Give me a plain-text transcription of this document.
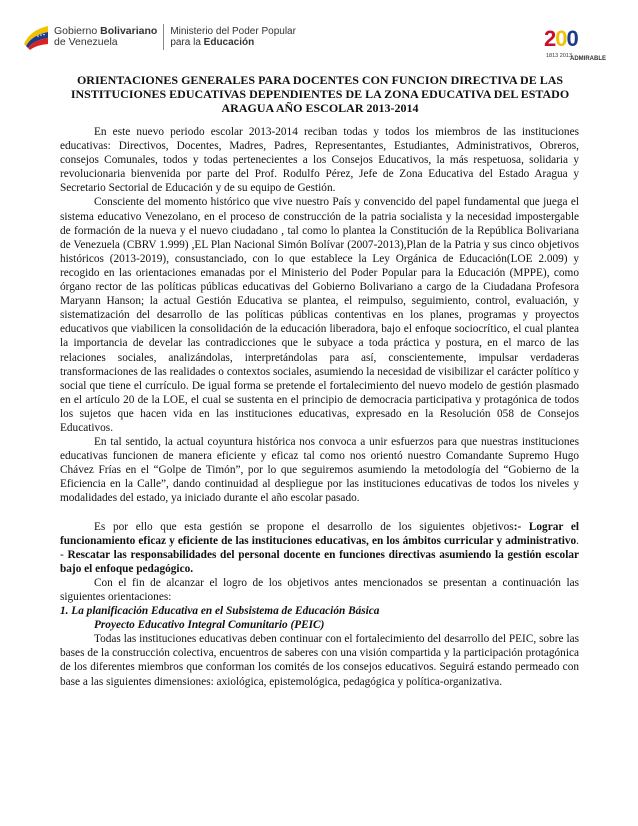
Gobierno Bolivariano
de Venezuela
Ministerio del Poder Popular
para la Educación	200
1813 2013
ADMIRABLE
ORIENTACIONES GENERALES PARA DOCENTES CON FUNCION DIRECTIVA DE LAS INSTITUCIONES EDUCATIVAS DEPENDIENTES DE LA ZONA EDUCATIVA DEL ESTADO ARAGUA AÑO ESCOLAR 2013-2014

En este nuevo periodo escolar 2013-2014 reciban todas y todos los miembros de las instituciones educativas: Directivos, Docentes, Madres, Padres, Representantes, Estudiantes, Administrativos, Obreros, consejos Comunales, todos y todas pertenecientes a los Consejos Educativos, la más respetuosa, solidaria y revolucionaria bienvenida por parte del Prof. Rodulfo Pérez, Jefe de Zona Educativa del Estado Aragua y Secretario Sectorial de Educación y de su equipo de Gestión.

Consciente del momento histórico que vive nuestro País y convencido del papel fundamental que juega el sistema educativo Venezolano, en el proceso de construcción de la patria socialista y la necesidad impostergable de formación de la nueva y el nuevo ciudadano , tal como lo plantea la Constitución de la República Bolivariana de Venezuela (CBRV 1.999) ,EL Plan Nacional Simón Bolívar (2007-2013),Plan de la Patria y sus cinco objetivos históricos (2013-2019), consustanciado, con lo que establece la Ley Orgánica de Educación(LOE 2.009) y recogido en las orientaciones emanadas por el Ministerio del Poder Popular para la Educación (MPPE), como órgano rector de las políticas públicas educativas del Gobierno Bolivariano a cargo de la Ciudadana Profesora Maryann Hanson; la actual Gestión Educativa se plantea, el reimpulso, seguimiento, control, evaluación, y sistematización del desarrollo de las políticas públicas contentivas en los planes, programas y proyectos educativos que viabilicen la consolidación de la educación liberadora, bajo el enfoque sociocrítico, el cual plantea la importancia de develar las contradicciones que le subyace a toda práctica y postura, en el marco de las relaciones sociales, analizándolas, interpretándolas para así, conscientemente, impulsar verdaderas transformaciones de las realidades o contextos sociales, asumiendo la necesidad de visibilizar el carácter político y social que tiene el currículo. De igual forma se pretende el fortalecimiento del nuevo modelo de gestión plasmado en el artículo 20 de la LOE, el cual se sustenta en el principio de democracia participativa y protagónica de todos los sujetos que hacen vida en las instituciones educativas, expresado en la Resolución 058 de Consejos Educativos.

En tal sentido, la actual coyuntura histórica nos convoca a unir esfuerzos para que nuestras instituciones educativas funcionen de manera eficiente y eficaz tal como nos orientó nuestro Comandante Supremo Hugo Chávez Frías en el “Golpe de Timón”, por lo que seguiremos asumiendo la metodología del “Gobierno de la Eficiencia en la Calle”, dando continuidad al despliegue por las instituciones educativas de todos los niveles y modalidades del estado, ya iniciado durante el año escolar pasado.

Es por ello que esta gestión se propone el desarrollo de los siguientes objetivos:- Lograr el funcionamiento eficaz y eficiente de las instituciones educativas, en los ámbitos curricular y administrativo. - Rescatar las responsabilidades del personal docente en funciones directivas asumiendo la gestión escolar bajo el enfoque pedagógico.

Con el fin de alcanzar el logro de los objetivos antes mencionados se presentan a continuación las siguientes orientaciones:

1. La planificación Educativa en el Subsistema de Educación Básica

Proyecto Educativo Integral Comunitario (PEIC)

Todas las instituciones educativas deben continuar con el fortalecimiento del desarrollo del PEIC, sobre las bases de la construcción colectiva, encuentros de saberes con una visión compartida y la participación protagónica de los diferentes miembros que conforman los comités de los consejos educativos. Seguirá estando permeado con base a las siguientes dimensiones: axiológica, epistemológica, pedagógica y política-organizativa.
